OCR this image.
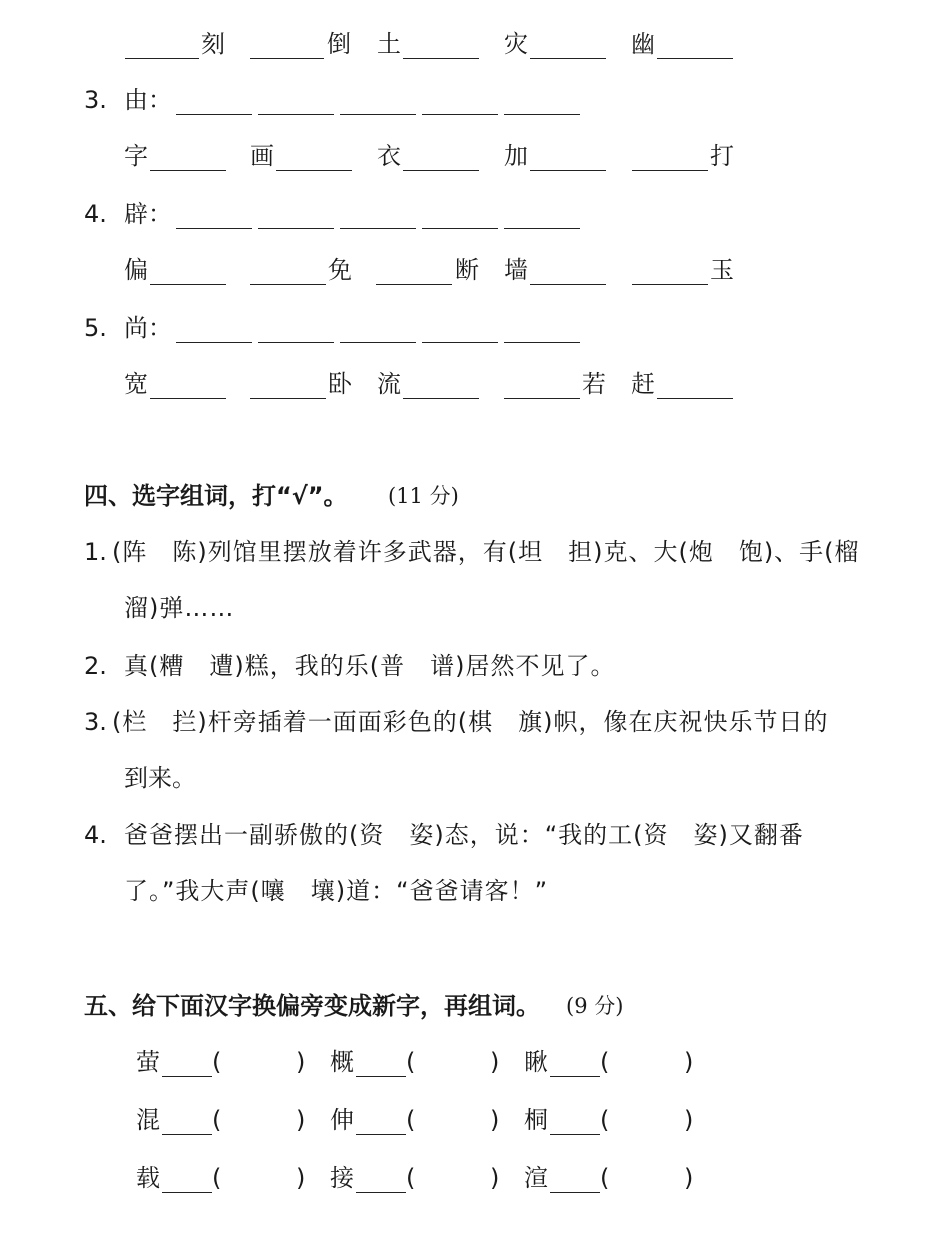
刻	倒 土	灾	幽
3. 由：
字	画	衣	加	打
4. 辟：
偏	免	断 墙	玉
5. 尚：
宽	卧 流	若 赶
四、选字组词，打“√”。 (11 分)
1. (阵　陈)列馆里摆放着许多武器，有(坦　担)克、大(炮　饱)、手(榴
溜)弹……
2. 真(糟　遭)糕，我的乐(普　谱)居然不见了。
3. (栏　拦)杆旁插着一面面彩色的(棋　旗)帜，像在庆祝快乐节日的
到来。
4. 爸爸摆出一副骄傲的(资　姿)态，说：“我的工(资　姿)又翻番
了。”我大声(嚷　壤)道：“爸爸请客！”
五、给下面汉字换偏旁变成新字，再组词。 (9 分)
萤 (	) 概 (	) 瞅 (	)
混 (	) 伸 (	) 桐 (	)
载 (	) 接 (	) 渲 (	)
